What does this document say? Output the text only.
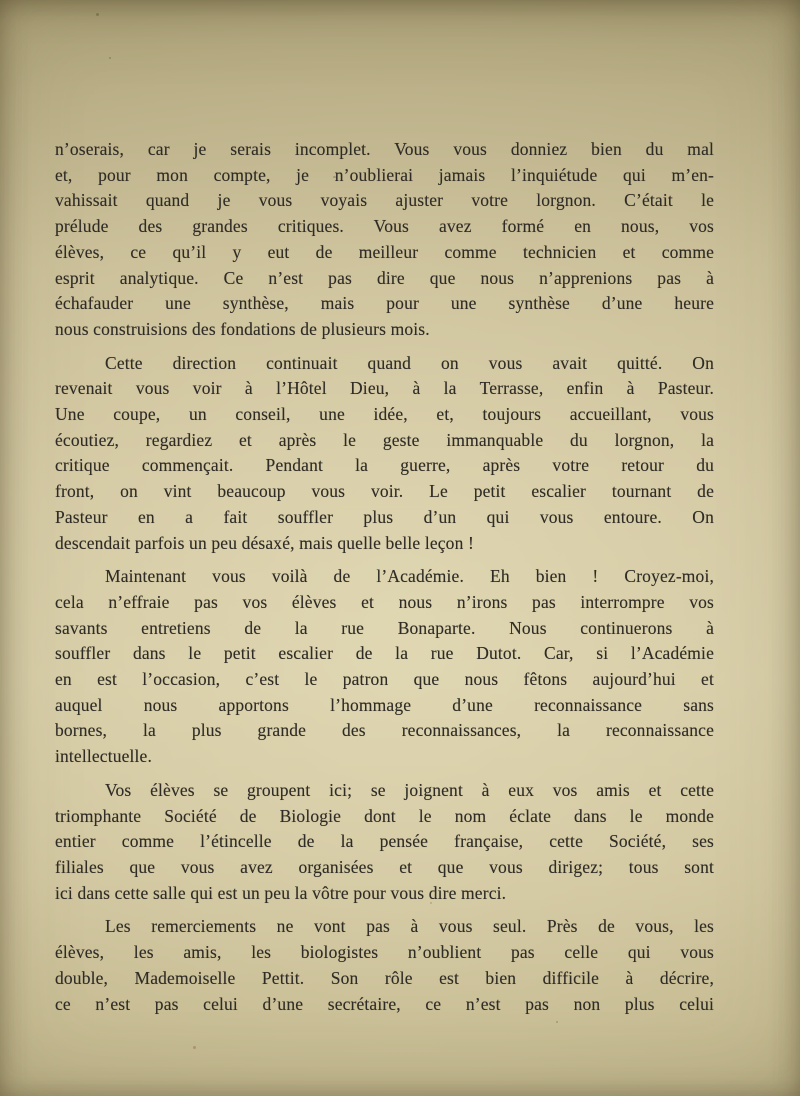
n’oserais, car je serais incomplet. Vous vous donniez bien du mal
et, pour mon compte, je n’oublierai jamais l’inquiétude qui m’en-
vahissait quand je vous voyais ajuster votre lorgnon. C’était le
prélude des grandes critiques. Vous avez formé en nous, vos
élèves, ce qu’il y eut de meilleur comme technicien et comme
esprit analytique. Ce n’est pas dire que nous n’apprenions pas à
échafauder une synthèse, mais pour une synthèse d’une heure
nous construisions des fondations de plusieurs mois.
Cette direction continuait quand on vous avait quitté. On
revenait vous voir à l’Hôtel Dieu, à la Terrasse, enfin à Pasteur.
Une coupe, un conseil, une idée, et, toujours accueillant, vous
écoutiez, regardiez et après le geste immanquable du lorgnon, la
critique commençait. Pendant la guerre, après votre retour du
front, on vint beaucoup vous voir. Le petit escalier tournant de
Pasteur en a fait souffler plus d’un qui vous entoure. On
descendait parfois un peu désaxé, mais quelle belle leçon !
Maintenant vous voilà de l’Académie. Eh bien ! Croyez-moi,
cela n’effraie pas vos élèves et nous n’irons pas interrompre vos
savants entretiens de la rue Bonaparte. Nous continuerons à
souffler dans le petit escalier de la rue Dutot. Car, si l’Académie
en est l’occasion, c’est le patron que nous fêtons aujourd’hui et
auquel nous apportons l’hommage d’une reconnaissance sans
bornes, la plus grande des reconnaissances, la reconnaissance
intellectuelle.
Vos élèves se groupent ici; se joignent à eux vos amis et cette
triomphante Société de Biologie dont le nom éclate dans le monde
entier comme l’étincelle de la pensée française, cette Société, ses
filiales que vous avez organisées et que vous dirigez; tous sont
ici dans cette salle qui est un peu la vôtre pour vous dire merci.
Les remerciements ne vont pas à vous seul. Près de vous, les
élèves, les amis, les biologistes n’oublient pas celle qui vous
double, Mademoiselle Pettit. Son rôle est bien difficile à décrire,
ce n’est pas celui d’une secrétaire, ce n’est pas non plus celui
